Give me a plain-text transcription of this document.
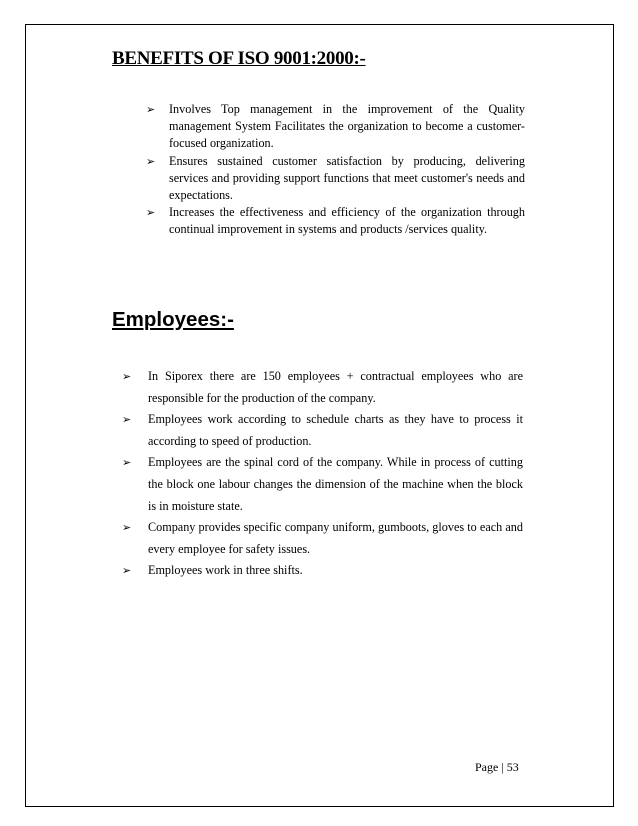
BENEFITS OF ISO 9001:2000:-
➢ Involves Top management in the improvement of the Quality management System Facilitates the organization to become a customer-focused organization.
➢ Ensures sustained customer satisfaction by producing, delivering services and providing support functions that meet customer's needs and expectations.
➢ Increases the effectiveness and efficiency of the organization through continual improvement in systems and products /services quality.
Employees:-
➢ In Siporex there are 150 employees + contractual employees who are responsible for the production of the company.
➢ Employees work according to schedule charts as they have to process it according to speed of production.
➢ Employees are the spinal cord of the company. While in process of cutting the block one labour changes the dimension of the machine when the block is in moisture state.
➢ Company provides specific company uniform, gumboots, gloves to each and every employee for safety issues.
➢ Employees work in three shifts.
Page | 53
